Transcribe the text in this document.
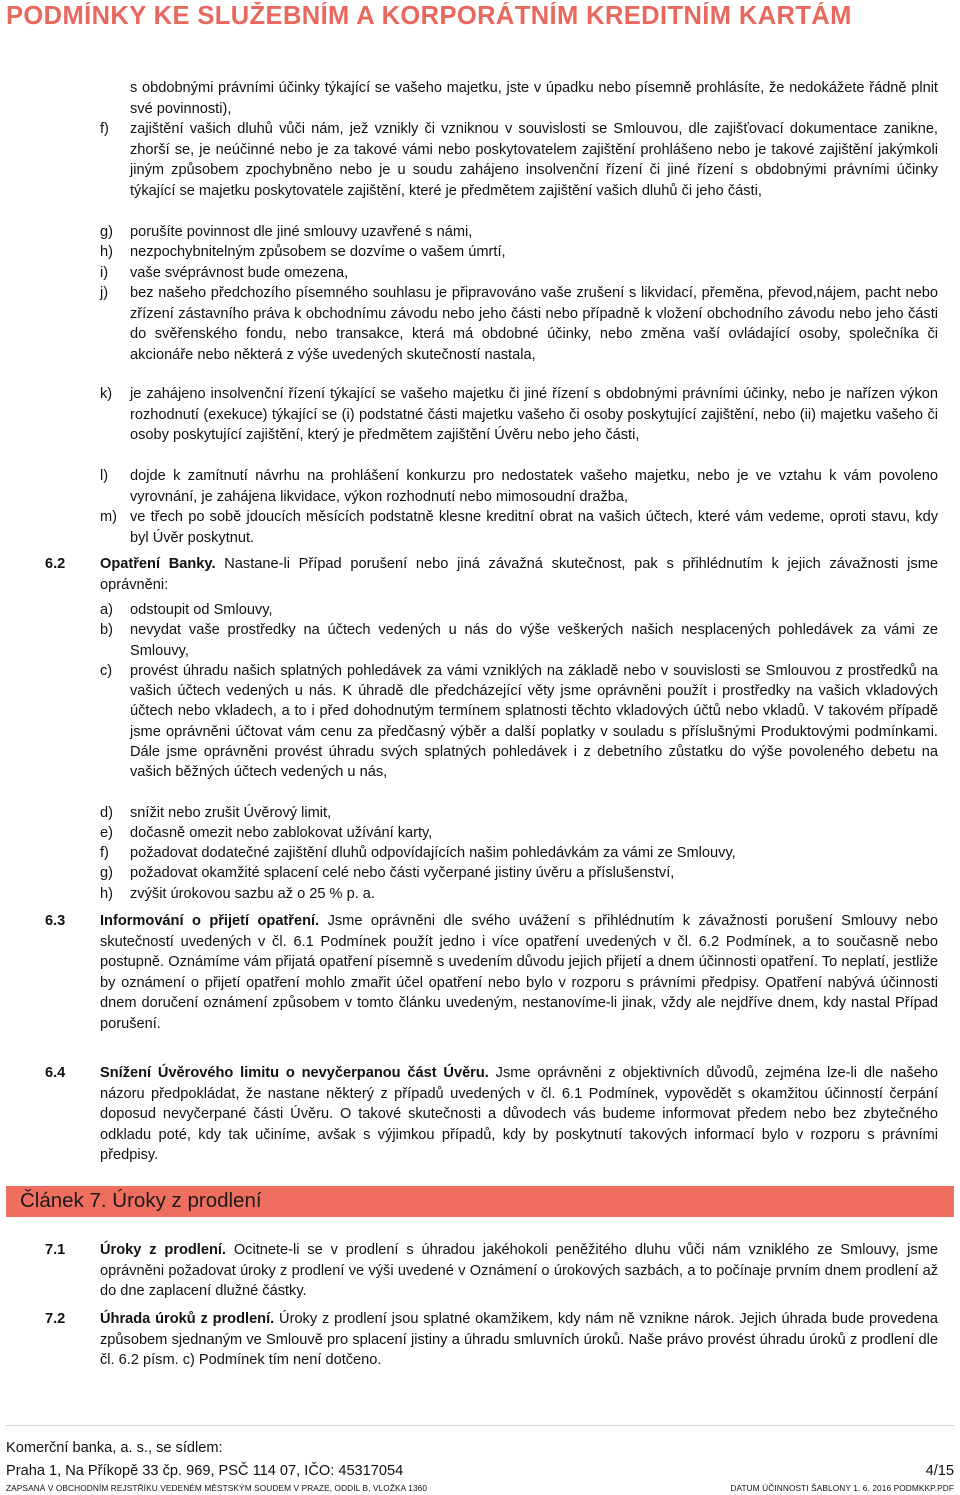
PODMÍNKY KE SLUŽEBNÍM A KORPORÁTNÍM KREDITNÍM KARTÁM
s obdobnými právními účinky týkající se vašeho majetku, jste v úpadku nebo písemně prohlásíte, že nedokážete řádně plnit své povinnosti),
f)	zajištění vašich dluhů vůči nám, jež vznikly či vzniknou v souvislosti se Smlouvou, dle zajišťovací dokumentace zanikne, zhorší se, je neúčinné nebo je za takové vámi nebo poskytovatelem zajištění prohlášeno nebo je takové zajištění jakýmkoli jiným způsobem zpochybněno nebo je u soudu zahájeno insolvenční řízení či jiné řízení s obdobnými právními účinky týkající se majetku poskytovatele zajištění, které je předmětem zajištění vašich dluhů či jeho části,
g)	porušíte povinnost dle jiné smlouvy uzavřené s námi,
h)	nezpochybnitelným způsobem se dozvíme o vašem úmrtí,
i)	vaše svéprávnost bude omezena,
j)	bez našeho předchozího písemného souhlasu je připravováno vaše zrušení s likvidací, přeměna, převod,nájem, pacht nebo zřízení zástavního práva k obchodnímu závodu nebo jeho části nebo případně k vložení obchodního závodu nebo jeho části do svěřenského fondu, nebo transakce, která má obdobné účinky, nebo změna vaší ovládající osoby, společníka či akcionáře nebo některá z výše uvedených skutečností nastala,
k)	je zahájeno insolvenční řízení týkající se vašeho majetku či jiné řízení s obdobnými právními účinky, nebo je nařízen výkon rozhodnutí (exekuce) týkající se (i) podstatné části majetku vašeho či osoby poskytující zajištění, nebo (ii) majetku vašeho či osoby poskytující zajištění, který je předmětem zajištění Úvěru nebo jeho části,
l)	dojde k zamítnutí návrhu na prohlášení konkurzu pro nedostatek vašeho majetku, nebo je ve vztahu k vám povoleno vyrovnání, je zahájena likvidace, výkon rozhodnutí nebo mimosoudní dražba,
m) ve třech po sobě jdoucích měsících podstatně klesne kreditní obrat na vašich účtech, které vám vedeme, oproti stavu, kdy byl Úvěr poskytnut.
6.2	Opatření Banky. Nastane-li Případ porušení nebo jiná závažná skutečnost, pak s přihlédnutím k jejich závažnosti jsme oprávněni:
a)	odstoupit od Smlouvy,
b)	nevydat vaše prostředky na účtech vedených u nás do výše veškerých našich nesplacených pohledávek za vámi ze Smlouvy,
c)	provést úhradu našich splatných pohledávek za vámi vzniklých na základě nebo v souvislosti se Smlouvou z prostředků na vašich účtech vedených u nás. K úhradě dle předcházející věty jsme oprávněni použít i prostředky na vašich vkladových účtech nebo vkladech, a to i před dohodnutým termínem splatnosti těchto vkladových účtů nebo vkladů. V takovém případě jsme oprávněni účtovat vám cenu za předčasný výběr a další poplatky v souladu s příslušnými Produktovými podmínkami. Dále jsme oprávněni provést úhradu svých splatných pohledávek i z debetního zůstatku do výše povoleného debetu na vašich běžných účtech vedených u nás,
d)	snížit nebo zrušit Úvěrový limit,
e)	dočasně omezit nebo zablokovat užívání karty,
f)	požadovat dodatečné zajištění dluhů odpovídajících našim pohledávkám za vámi ze Smlouvy,
g)	požadovat okamžité splacení celé nebo části vyčerpané jistiny úvěru a příslušenství,
h)	zvýšit úrokovou sazbu až o 25 % p. a.
6.3	Informování o přijetí opatření. Jsme oprávněni dle svého uvážení s přihlédnutím k závažnosti porušení Smlouvy nebo skutečností uvedených v čl. 6.1 Podmínek použít jedno i více opatření uvedených v čl. 6.2 Podmínek, a to současně nebo postupně. Oznámíme vám přijatá opatření písemně s uvedením důvodu jejich přijetí a dnem účinnosti opatření. To neplatí, jestliže by oznámení o přijetí opatření mohlo zmařit účel opatření nebo bylo v rozporu s právními předpisy. Opatření nabývá účinnosti dnem doručení oznámení způsobem v tomto článku uvedeným, nestanovíme-li jinak, vždy ale nejdříve dnem, kdy nastal Případ porušení.
6.4	Snížení Úvěrového limitu o nevyčerpanou část Úvěru. Jsme oprávněni z objektivních důvodů, zejména lze-li dle našeho názoru předpokládat, že nastane některý z případů uvedených v čl. 6.1 Podmínek, vypovědět s okamžitou účinností čerpání doposud nevyčerpané části Úvěru. O takové skutečnosti a důvodech vás budeme informovat předem nebo bez zbytečného odkladu poté, kdy tak učiníme, avšak s výjimkou případů, kdy by poskytnutí takových informací bylo v rozporu s právními předpisy.
Článek 7. Úroky z prodlení
7.1	Úroky z prodlení. Ocitnete-li se v prodlení s úhradou jakéhokoli peněžitého dluhu vůči nám vzniklého ze Smlouvy, jsme oprávněni požadovat úroky z prodlení ve výši uvedené v Oznámení o úrokových sazbách, a to počínaje prvním dnem prodlení až do dne zaplacení dlužné částky.
7.2	Úhrada úroků z prodlení. Úroky z prodlení jsou splatné okamžikem, kdy nám ně vznikne nárok. Jejich úhrada bude provedena způsobem sjednaným ve Smlouvě pro splacení jistiny a úhradu smluvních úroků. Naše právo provést úhradu úroků z prodlení dle čl. 6.2 písm. c) Podmínek tím není dotčeno.
Komerční banka, a. s., se sídlem:
Praha 1, Na Příkopě 33 čp. 969, PSČ 114 07, IČO: 45317054	4/15
ZAPSANÁ V OBCHODNÍM REJSTŘÍKU VEDENÉM MĚSTSKÝM SOUDEM V PRAZE, ODDÍL B, VLOŽKA 1360	DATUM ÚČINNOSTI ŠABLONY 1. 6. 2016 PODMKKP.PDF
